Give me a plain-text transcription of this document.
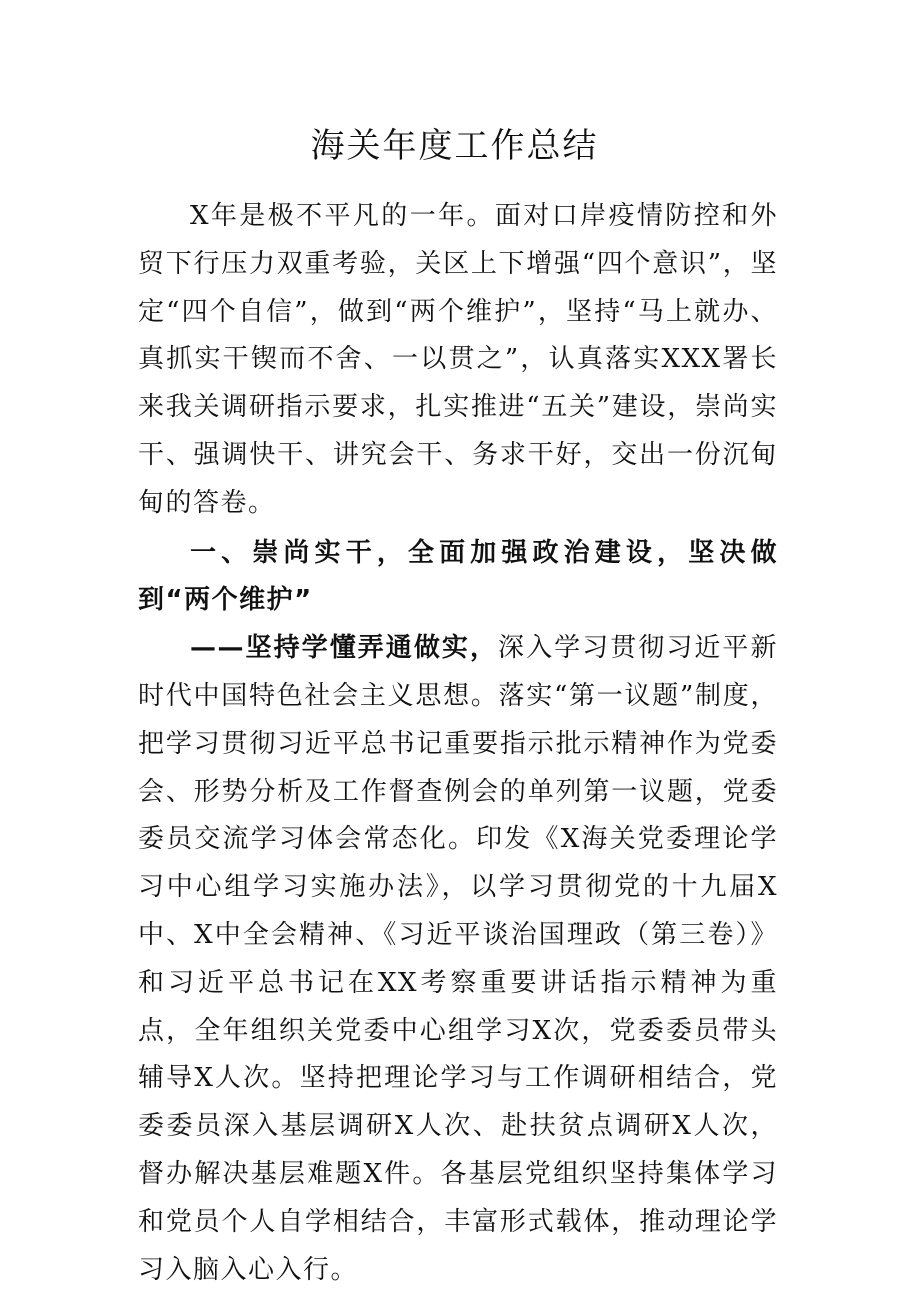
海关年度工作总结

X年是极不平凡的一年。面对口岸疫情防控和外贸下行压力双重考验，关区上下增强“四个意识”，坚定“四个自信”，做到“两个维护”，坚持“马上就办、真抓实干锲而不舍、一以贯之”，认真落实XXX署长来我关调研指示要求，扎实推进“五关”建设，崇尚实干、强调快干、讲究会干、务求干好，交出一份沉甸甸的答卷。

一、崇尚实干，全面加强政治建设，坚决做到“两个维护”

——坚持学懂弄通做实，深入学习贯彻习近平新时代中国特色社会主义思想。落实“第一议题”制度，把学习贯彻习近平总书记重要指示批示精神作为党委会、形势分析及工作督查例会的单列第一议题，党委委员交流学习体会常态化。印发《X海关党委理论学习中心组学习实施办法》，以学习贯彻党的十九届X中、X中全会精神、《习近平谈治国理政（第三卷）》和习近平总书记在XX考察重要讲话指示精神为重点，全年组织关党委中心组学习X次，党委委员带头辅导X人次。坚持把理论学习与工作调研相结合，党委委员深入基层调研X人次、赴扶贫点调研X人次，督办解决基层难题X件。各基层党组织坚持集体学习和党员个人自学相结合，丰富形式载体，推动理论学习入脑入心入行。
